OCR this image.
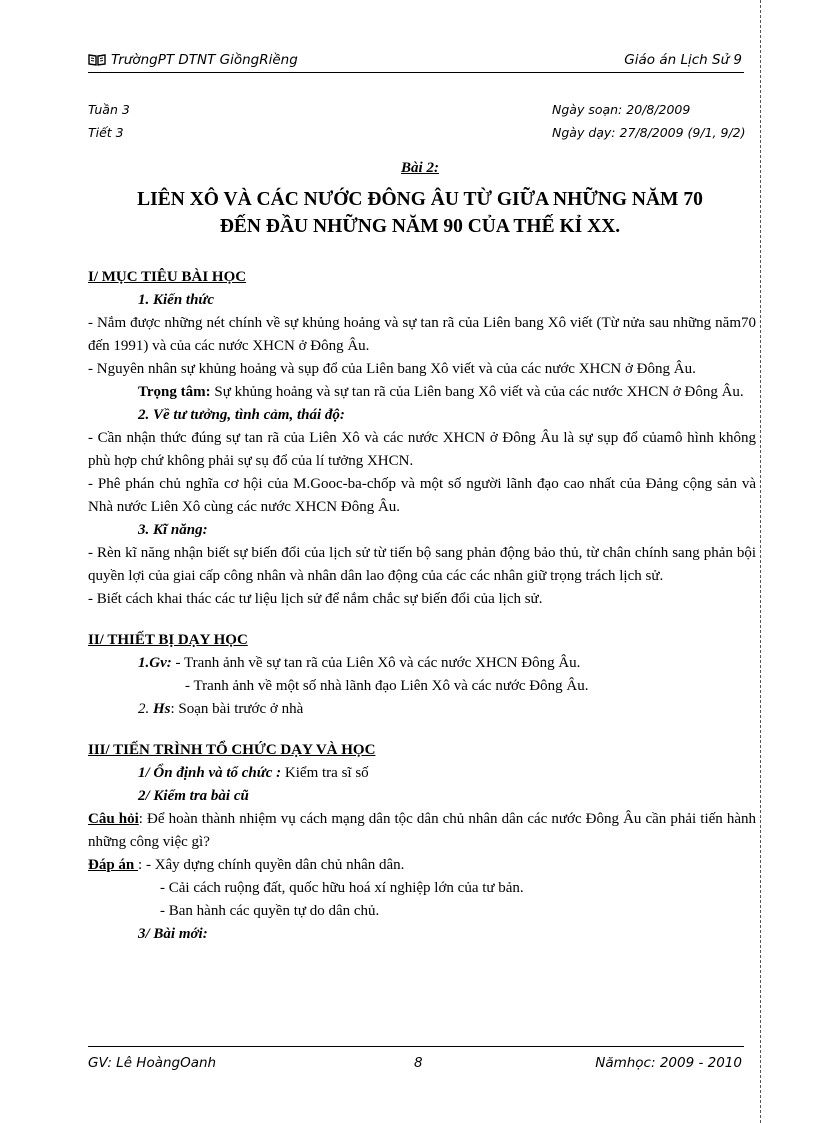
TrườngPT DTNT GiồngRiềng	Giáo án Lịch Sử 9
Tuần 3
Tiết 3
Ngày soạn: 20/8/2009
Ngày dạy: 27/8/2009 (9/1, 9/2)
Bài 2:
LIÊN XÔ VÀ CÁC NƯỚC ĐÔNG ÂU TỪ GIỮA NHỮNG NĂM 70
ĐẾN ĐẦU NHỮNG NĂM 90 CỦA THẾ KỈ XX.

I/ MỤC TIÊU BÀI HỌC

1. Kiến thức

- Nắm được những nét chính về sự khủng hoảng và sự tan rã của Liên bang Xô viết (Từ nửa sau những năm70 đến 1991) và của các nước XHCN ở Đông Âu.

- Nguyên nhân sự khủng hoảng và sụp đổ của Liên bang Xô viết và của các nước XHCN ở Đông Âu.

Trọng tâm: Sự khủng hoảng và sự tan rã của Liên bang Xô viết và của các nước XHCN ở Đông Âu.

2. Về tư tưởng, tình cảm, thái độ:

- Cần nhận thức đúng sự tan rã của Liên Xô và các nước XHCN ở Đông Âu là sự sụp đổ củamô hình không phù hợp chứ không phải sự sụ đổ của lí tưởng XHCN.

- Phê phán chủ nghĩa cơ hội của M.Gooc-ba-chốp và một số người lãnh đạo cao nhất của Đảng cộng sản và Nhà nước Liên Xô cùng các nước XHCN Đông Âu.

3. Kĩ năng:

- Rèn kĩ năng nhận biết sự biến đổi của lịch sử từ tiến bộ sang phản động bảo thủ, từ chân chính sang phản bội quyền lợi của giai cấp công nhân và nhân dân lao động của các các nhân giữ trọng trách lịch sử.

- Biết cách khai thác các tư liệu lịch sử để nắm chắc sự biến đổi của lịch sử.

II/ THIẾT BỊ DẠY HỌC

1.Gv: - Tranh ảnh về sự tan rã của Liên Xô và các nước XHCN Đông Âu.

- Tranh ảnh về một số nhà lãnh đạo Liên Xô và các nước Đông Âu.

2. Hs: Soạn bài trước ở nhà

III/ TIẾN TRÌNH TỔ CHỨC DẠY VÀ HỌC

1/ Ổn định và tổ chức : Kiểm tra sĩ số

2/ Kiểm tra bài cũ

Câu hỏi: Để hoàn thành nhiệm vụ cách mạng dân tộc dân chủ nhân dân các nước Đông Âu cần phải tiến hành những công việc gì?

Đáp án : - Xây dựng chính quyền dân chủ nhân dân.

- Cải cách ruộng đất, quốc hữu hoá xí nghiệp lớn của tư bản.

- Ban hành các quyền tự do dân chủ.

3/ Bài mới:

GV: Lê HoàngOanh	8	Nămhọc: 2009 - 2010
